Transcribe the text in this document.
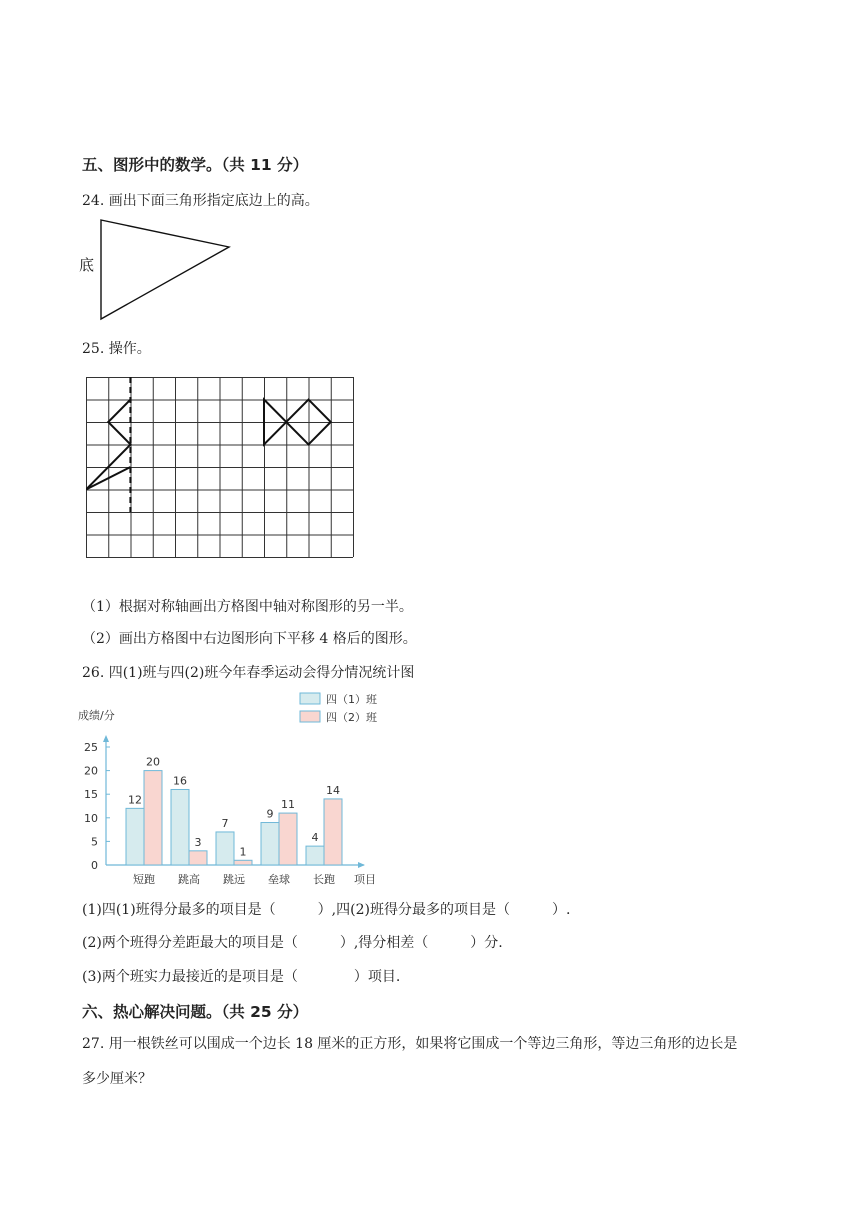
五、图形中的数学。（共 11 分）
24. 画出下面三角形指定底边上的高。
底
25. 操作。
（1）根据对称轴画出方格图中轴对称图形的另一半。
（2）画出方格图中右边图形向下平移 4 格后的图形。
26. 四(1)班与四(2)班今年春季运动会得分情况统计图
成绩/分
0
5
10
15
20
25
12
20
短跑
16
3
跳高
7
1
跳远
9
11
垒球
4
14
长跑 项目
四（1）班
四（2）班
(1)四(1)班得分最多的项目是（　　　）,四(2)班得分最多的项目是（　　　）.
(2)两个班得分差距最大的项目是（　　　）,得分相差（　　　）分.
(3)两个班实力最接近的是项目是（　　　　）项目.
六、热心解决问题。（共 25 分）
27. 用一根铁丝可以围成一个边长 18 厘米的正方形，如果将它围成一个等边三角形，等边三角形的边长是
多少厘米？
